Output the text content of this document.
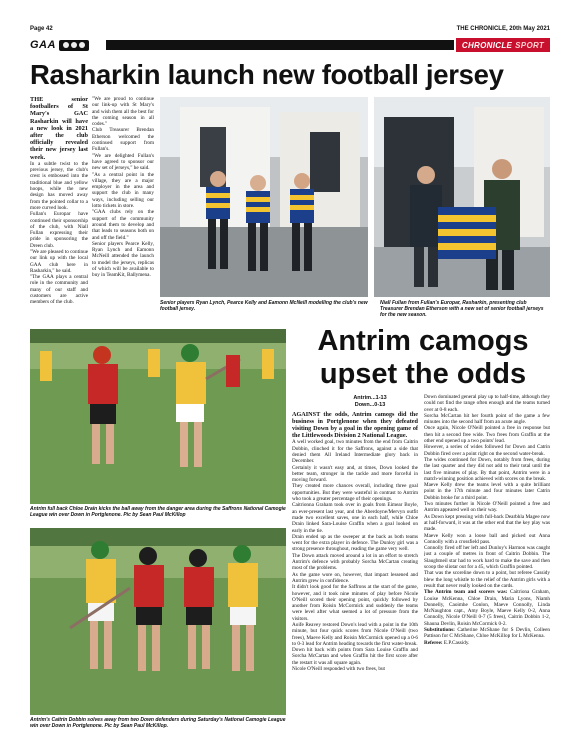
Page 42	THE CHRONICLE, 20th May 2021
GAA	CHRONICLE SPORT
Rasharkin launch new football jersey

THE senior footballers of St Mary's GAC Rasharkin will have a new look in 2021 after the club officially revealed their new jersey last week.

In a subtle twist to the previous jersey, the club's crest is embossed into the traditional blue and yellow hoops, while the new design has moved away from the pointed collar to a more curved look.

Fullan's Europar have continued their sponsorship of the club, with Niall Fullan expressing their pride in sponsoring the Dreen club.

"We are pleased to continue our link up with the local GAA club here in Rasharkin," he said.

"The GAA plays a central role in the community and many of our staff and customers are active members of the club.

"We are proud to continue our link-up with St Mary's and wish them all the best for the coming season in all codes."

Club Treasurer Brendan Etherson welcomed the continued support from Fullan's.

"We are delighted Fullan's have agreed to sponsor our new set of jerseys," he said.

"As a central point in the village, they are a major employer in the area and support the club in many ways, including selling our lotto tickets in store.

"GAA clubs rely on the support of the community around them to develop and that leads to seasons both on and off the field."

Senior players Pearce Kelly, Ryan Lynch and Eamonn McNeill attended the launch to model the jerseys, replicas of which will be available to buy in TeamKit, Ballymena.

Senior players Ryan Lynch, Pearce Kelly and Eamonn McNeill modelling the club's new football jersey.
Niall Fullan from Fullan's Europar, Rasharkin, presenting club Treasurer Brendan Etherson with a new set of senior football jerseys for the new season.
Antrim full back Chloe Drain kicks the ball away from the danger area during the Saffrons National Camogie League win over Down in Portglenone. Pic by Sean Paul McKillop
Antrim's Caitrin Dobbin solves away from two Down defenders during Saturday's National Camogie League win over Down in Portglenone. Pic by Sean Paul McKillop.
Antrim camogs upset the odds
Antrim...1-13
Down...0-13

AGAINST the odds, Antrim camogs did the business in Portglenone when they defeated visiting Down by a goal in the opening game of the Littlewoods Division 2 National League.

A well worked goal, two minutes from the end from Caitrin Dobbin, clinched it for the Saffrons, against a side that denied them All Ireland Intermediate glory back in December.

Certainly it wasn't easy and, at times, Down looked the better team, stronger in the tackle and more forceful in moving forward.

They created more chances overall, including three goal opportunities. But they were wasteful in contrast to Antrim who took a greater percentage of their openings.

Caitrionna Graham took over in goals from Eimear Boyle, an ever-present last year, and the Aberdoyne/Mervyn outfit made two excellent saves, one in each half, while Chloe Drain linked Sara-Louise Graffin when a goal looked on early in the tie.

Drain ended up as the sweeper at the back as both teams went for the extra player in defence. The Dunloy girl was a strong presence throughout, reading the game very well.

The Down attack moved around a lot in an effort to stretch Antrim's defence with probably Sorcha McCartan creating most of the problems.

As the game wore on, however, that impact lessened and Antrim grew in confidence.

It didn't look good for the Saffrons at the start of the game, however, and it took nine minutes of play before Nicole O'Neill scored their opening point, quickly followed by another from Roisin McCormick and suddenly the teams were level after what seemed a lot of pressure from the visitors.

Aoife Reavey restored Down's lead with a point in the 10th minute, but four quick scores from Nicole O'Neill (two frees), Maeve Kelly and Roisin McCormick opened up a 0-6 to 0-3 lead for Antrim heading towards the first water-break.

Down hit back with points from Sara Louise Graffin and Sorcha McCartan and when Graffin hit the first score after the restart it was all square again.

Nicole O'Neill responded with two frees, but

Down dominated general play up to half-time, although they could not find the range often enough and the teams turned over at 0-8 each.

Sorcha McCartan hit her fourth point of the game a few minutes into the second half from an acute angle.

Once again, Nicole O'Neill pointed a free in response but then hit a second free wide. Two frees from Graffin at the other end opened up a two points' lead.

However, a series of wides followed for Down and Catrin Dobbin fired over a point right on the second water-break.

The wides continued for Down, notably from frees, during the last quarter and they did not add to their total until the last five minutes of play. By that point, Antrim were in a match-winning position achieved with scores on the break.

Maeve Kelly drew the teams level with a quite brilliant point in the 17th minute and four minutes later Catrin Dobbin broke for a third point.

Two minutes further in Nicole O'Neill pointed a free and Antrim appeared well on their way.

As Down kept pressing with full-back Dearbhla Magee now at half-forward, it was at the other end that the key play was made.

Maeve Kelly won a loose ball and picked out Anna Connolly with a crossfield pass.

Connolly fired off her left and Dunloy's Harmon was caught just a couple of metres in front of Caitrin Dobbin. The Slaughtneil star had to work hard to make the save and then scoop the sliotar out for a 45, which Graffin pointed.

That was the scoreline down to a point, but referee Cassidy blew the long whistle to the relief of the Antrim girls with a result that never really looked on the cards.

The Antrim team and scorers was: Caitriona Graham, Louise McKenna, Chloe Drain, Maria Lyons, Niamh Donnelly, Caoimhe Conlon, Maeve Connolly, Linda McNaughton capt., Amy Boyle, Maeve Kelly 0-2, Anna Connolly, Nicole O'Neill 0-7 (5 frees), Caitrin Dobbin 1-2, Shauna Devlin, Roisin McCormick 0-2.

Substitutions: Catherine McShane for S Devlin, Colleen Pattison for C McShane, Chloe McKillop for L McKenna.

Referee: E.P.Cassidy.
